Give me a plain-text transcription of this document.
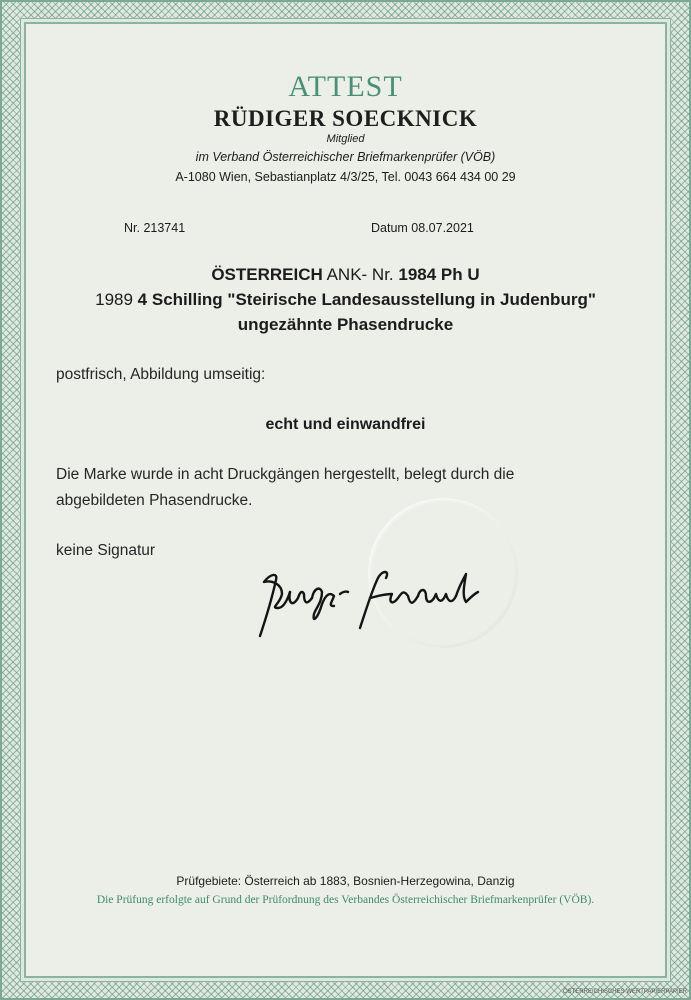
ATTEST
RÜDIGER SOECKNICK
Mitglied
im Verband Österreichischer Briefmarkenprüfer (VÖB)
A-1080 Wien, Sebastianplatz 4/3/25, Tel. 0043 664 434 00 29
Nr. 213741	Datum 08.07.2021
ÖSTERREICH ANK- Nr. 1984 Ph U
1989 4 Schilling "Steirische Landesausstellung in Judenburg"
ungezähnte Phasendrucke
postfrisch, Abbildung umseitig:
echt und einwandfrei
Die Marke wurde in acht Druckgängen hergestellt, belegt durch die
abgebildeten Phasendrucke.
keine Signatur
Prüfgebiete: Österreich ab 1883, Bosnien-Herzegowina, Danzig
Die Prüfung erfolgte auf Grund der Prüfordnung des Verbandes Österreichischer Briefmarkenprüfer (VÖB).
ÖSTERREICHISCHES WERTPAPIERPAPIER
